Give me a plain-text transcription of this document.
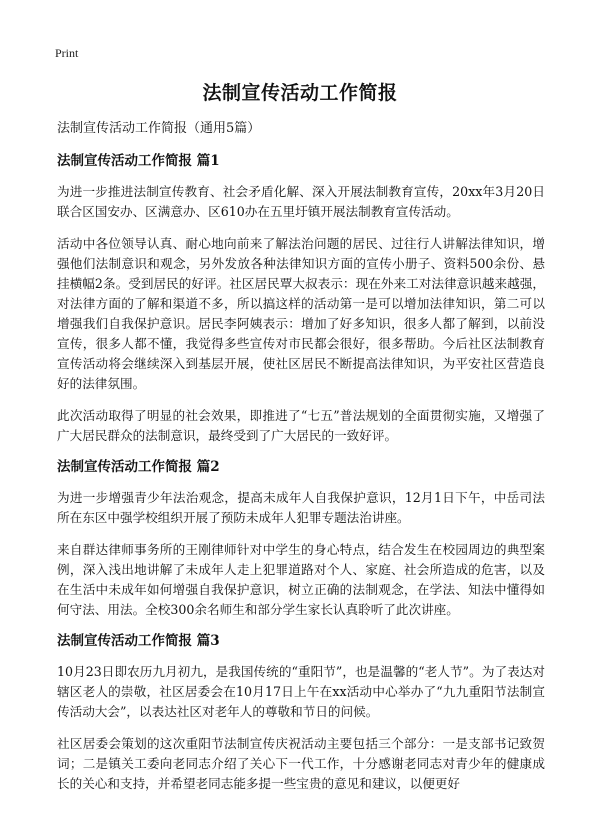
Print
法制宣传活动工作简报

法制宣传活动工作简报（通用5篇）

法制宣传活动工作简报 篇1

为进一步推进法制宣传教育、社会矛盾化解、深入开展法制教育宣传，20xx年3月20日联合区国安办、区满意办、区610办在五里圩镇开展法制教育宣传活动。

活动中各位领导认真、耐心地向前来了解法治问题的居民、过往行人讲解法律知识，增强他们法制意识和观念，另外发放各种法律知识方面的宣传小册子、资料500余份、悬挂横幅2条。受到居民的好评。社区居民覃大叔表示：现在外来工对法律意识越来越强，对法律方面的了解和渠道不多，所以搞这样的活动第一是可以增加法律知识，第二可以增强我们自我保护意识。居民李阿姨表示：增加了好多知识，很多人都了解到，以前没宣传，很多人都不懂，我觉得多些宣传对市民都会很好，很多帮助。今后社区法制教育宣传活动将会继续深入到基层开展，使社区居民不断提高法律知识，为平安社区营造良好的法律氛围。

此次活动取得了明显的社会效果，即推进了“七五”普法规划的全面贯彻实施，又增强了广大居民群众的法制意识，最终受到了广大居民的一致好评。

法制宣传活动工作简报 篇2

为进一步增强青少年法治观念，提高未成年人自我保护意识，12月1日下午，中岳司法所在东区中强学校组织开展了预防未成年人犯罪专题法治讲座。

来自群达律师事务所的王刚律师针对中学生的身心特点，结合发生在校园周边的典型案例，深入浅出地讲解了未成年人走上犯罪道路对个人、家庭、社会所造成的危害，以及在生活中未成年如何增强自我保护意识，树立正确的法制观念，在学法、知法中懂得如何守法、用法。全校300余名师生和部分学生家长认真聆听了此次讲座。

法制宣传活动工作简报 篇3

10月23日即农历九月初九，是我国传统的“重阳节”，也是温馨的“老人节”。为了表达对辖区老人的崇敬，社区居委会在10月17日上午在xx活动中心举办了“九九重阳节法制宣传活动大会”，以表达社区对老年人的尊敬和节日的问候。

社区居委会策划的这次重阳节法制宣传庆祝活动主要包括三个部分：一是支部书记致贺词；二是镇关工委向老同志介绍了关心下一代工作，十分感谢老同志对青少年的健康成长的关心和支持，并希望老同志能多提一些宝贵的意见和建议，以便更好
